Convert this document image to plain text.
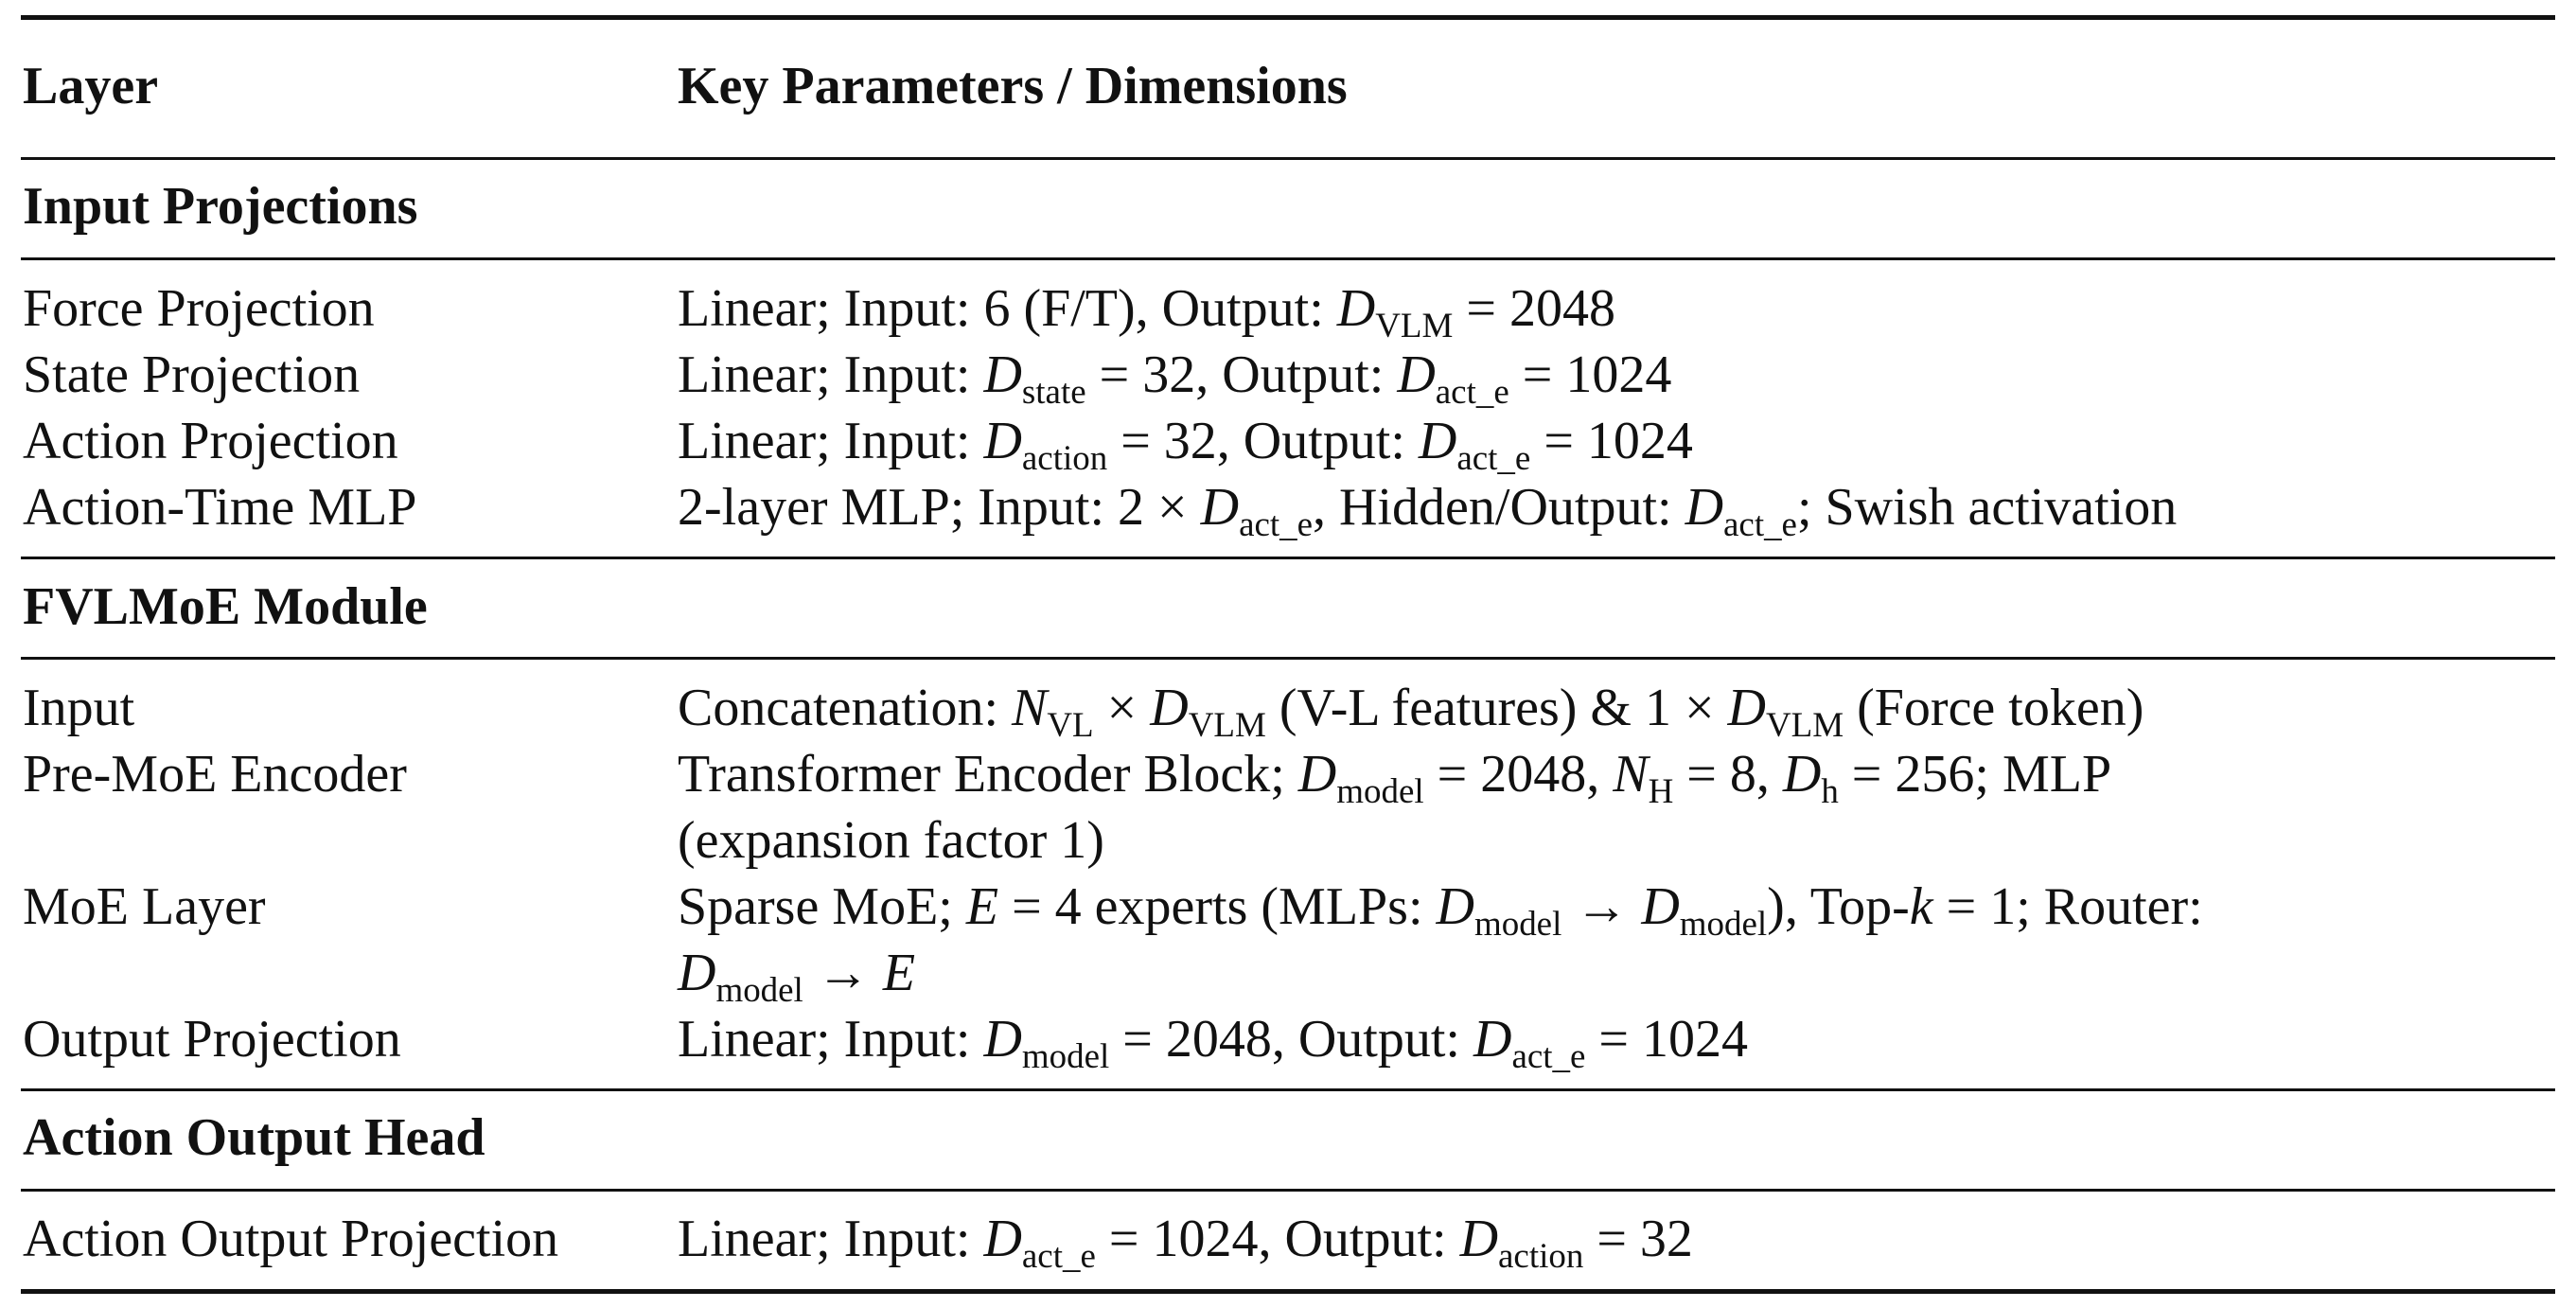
Layer	Key Parameters / Dimensions
Input Projections
Force Projection	Linear; Input: 6 (F/T), Output: $D_{VLM} = 2048$
State Projection	Linear; Input: $D_{state} = 32$, Output: $D_{act\_e} = 1024$
Action Projection	Linear; Input: $D_{action} = 32$, Output: $D_{act\_e} = 1024$
Action-Time MLP	2-layer MLP; Input: $2 \times D_{act\_e}$, Hidden/Output: $D_{act\_e}$; Swish activation
FVLMoE Module
Input	Concatenation: $N_{VL} \times D_{VLM}$ (V-L features) & $1 \times D_{VLM}$ (Force token)
Pre-MoE Encoder	Transformer Encoder Block; $D_{model} = 2048$, $N_H = 8$, $D_h = 256$; MLP
(expansion factor 1)
MoE Layer	Sparse MoE; E = 4 experts (MLPs: $D_{model} \to D_{model}$), Top-k = 1; Router:
$D_{model} \to E$
Output Projection	Linear; Input: $D_{model} = 2048$, Output: $D_{act\_e} = 1024$
Action Output Head
Action Output Projection Linear; Input: $D_{act\_e} = 1024$, Output: $D_{action} = 32$
